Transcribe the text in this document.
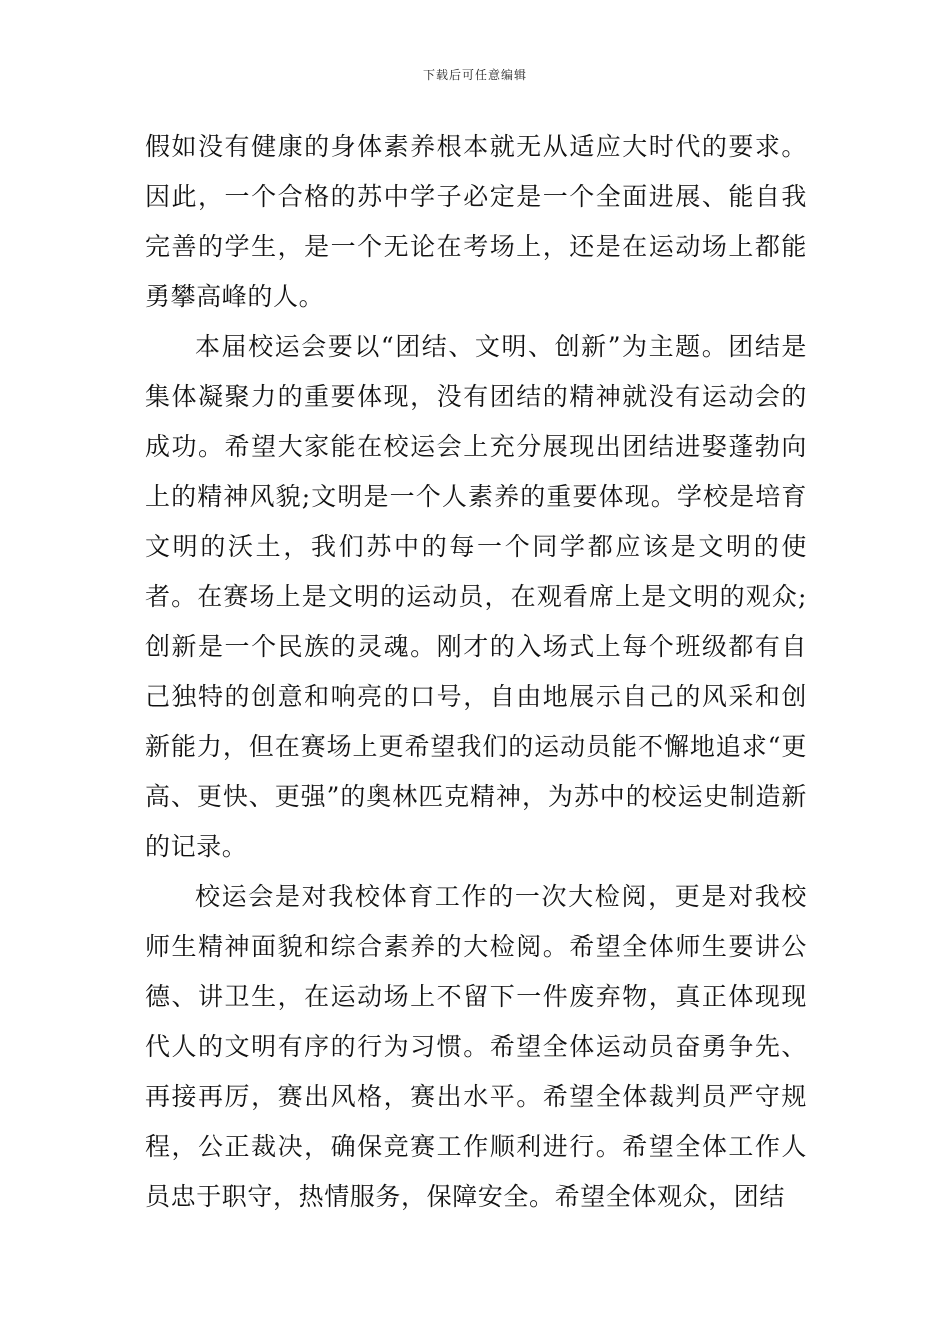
下载后可任意编辑

假如没有健康的身体素养根本就无从适应大时代的要求。因此，一个合格的苏中学子必定是一个全面进展、能自我完善的学生，是一个无论在考场上，还是在运动场上都能勇攀高峰的人。

本届校运会要以“团结、文明、创新”为主题。团结是集体凝聚力的重要体现，没有团结的精神就没有运动会的成功。希望大家能在校运会上充分展现出团结进娶蓬勃向上的精神风貌;文明是一个人素养的重要体现。学校是培育文明的沃土，我们苏中的每一个同学都应该是文明的使者。在赛场上是文明的运动员，在观看席上是文明的观众;创新是一个民族的灵魂。刚才的入场式上每个班级都有自己独特的创意和响亮的口号，自由地展示自己的风采和创新能力，但在赛场上更希望我们的运动员能不懈地追求“更高、更快、更强”的奥林匹克精神，为苏中的校运史制造新的记录。

校运会是对我校体育工作的一次大检阅，更是对我校师生精神面貌和综合素养的大检阅。希望全体师生要讲公德、讲卫生，在运动场上不留下一件废弃物，真正体现现代人的文明有序的行为习惯。希望全体运动员奋勇争先、再接再厉，赛出风格，赛出水平。希望全体裁判员严守规程，公正裁决，确保竞赛工作顺利进行。希望全体工作人员忠于职守，热情服务，保障安全。希望全体观众，团结
